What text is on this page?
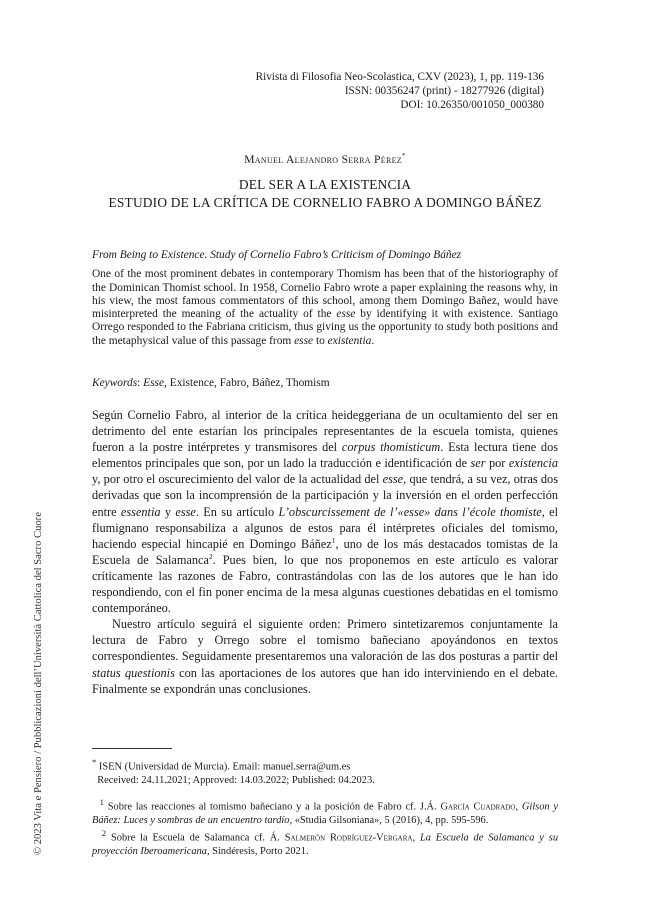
Rivista di Filosofia Neo-Scolastica, CXV (2023), 1, pp. 119-136
ISSN: 00356247 (print) - 18277926 (digital)
DOI: 10.26350/001050_000380
Manuel Alejandro Serra Pérez*
DEL SER A LA EXISTENCIA
ESTUDIO DE LA CRÍTICA DE CORNELIO FABRO A DOMINGO BÁÑEZ
From Being to Existence. Study of Cornelio Fabro’s Criticism of Domingo Báñez

One of the most prominent debates in contemporary Thomism has been that of the historiography of the Dominican Thomist school. In 1958, Cornelio Fabro wrote a paper explaining the reasons why, in his view, the most famous commentators of this school, among them Domingo Bañez, would have misinterpreted the meaning of the actuality of the esse by identifying it with existence. Santiago Orrego responded to the Fabriana criticism, thus giving us the opportunity to study both positions and the metaphysical value of this passage from esse to existentia.

Keywords: Esse, Existence, Fabro, Báñez, Thomism

Según Cornelio Fabro, al interior de la crítica heideggeriana de un ocultamiento del ser en detrimento del ente estarían los principales representantes de la escuela tomista, quienes fueron a la postre intérpretes y transmisores del corpus thomisticum. Esta lectura tiene dos elementos principales que son, por un lado la traducción e identificación de ser por existencia y, por otro el oscurecimiento del valor de la actualidad del esse, que tendrá, a su vez, otras dos derivadas que son la incomprensión de la participación y la inversión en el orden perfección entre essentia y esse. En su artículo L’obscurcissement de l’«esse» dans l’école thomiste, el flumignano responsabiliza a algunos de estos para él intérpretes oficiales del tomismo, haciendo especial hincapié en Domingo Báñez$^1$, uno de los más destacados tomistas de la Escuela de Salamanca$^2$. Pues bien, lo que nos proponemos en este artículo es valorar críticamente las razones de Fabro, contrastándolas con las de los autores que le han ido respondiendo, con el fin poner encima de la mesa algunas cuestiones debatidas en el tomismo contemporáneo.

Nuestro artículo seguirá el siguiente orden: Primero sintetizaremos conjuntamente la lectura de Fabro y Orrego sobre el tomismo bañeciano apoyándonos en textos correspondientes. Seguidamente presentaremos una valoración de las dos posturas a partir del status questionis con las aportaciones de los autores que han ido interviniendo en el debate. Finalmente se expondrán unas conclusiones.

* ISEN (Universidad de Murcia). Email: manuel.serra@um.es

Received: 24.11.2021; Approved: 14.03.2022; Published: 04.2023.

$^1$ Sobre las reacciones al tomismo bañeciano y a la posición de Fabro cf. J.Á. García Cuadrado, Gilson y Báñez: Luces y sombras de un encuentro tardío, «Studia Gilsoniana», 5 (2016), 4, pp. 595-596.

$^2$ Sobre la Escuela de Salamanca cf. Á. Salmerón Rodríguez-Vergara, La Escuela de Salamanca y su proyección Iberoamericana, Sindéresis, Porto 2021.

© 2023 Vita e Pensiero / Pubblicazioni dell’Università Cattolica del Sacro Cuore
